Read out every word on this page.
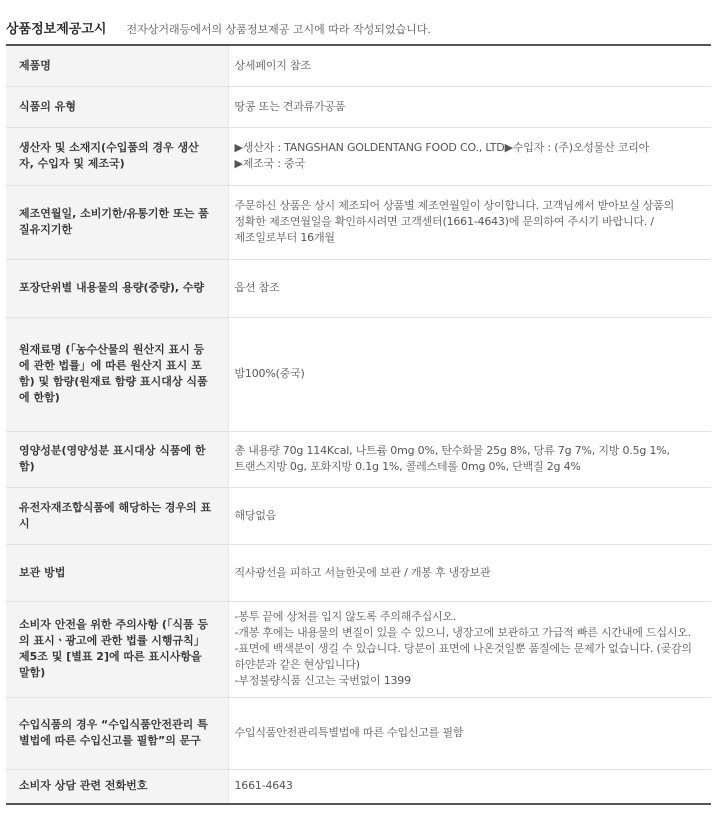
상품정보제공고시 전자상거래등에서의 상품정보제공 고시에 따라 작성되었습니다.
제품명	상세페이지 참조

식품의 유형	땅콩 또는 견과류가공품

생산자 및 소재지(수입품의 경우 생산자, 수입자 및 제조국)	▶생산자 : TANGSHAN GOLDENTANG FOOD CO., LTD▶수입자 : (주)오성물산 코리아
▶제조국 : 중국

제조연월일, 소비기한/유통기한 또는 품질유지기한	주문하신 상품은 상시 제조되어 상품별 제조연월일이 상이합니다. 고객님께서 받아보실 상품의 정확한 제조연월일을 확인하시려면 고객센터(1661-4643)에 문의하여 주시기 바랍니다. / 제조일로부터 16개월

포장단위별 내용물의 용량(중량), 수량	옵션 참조

원재료명 (「농수산물의 원산지 표시 등에 관한 법률」에 따른 원산지 표시 포함) 및 함량(원재료 함량 표시대상 식품에 한함)	밤100%(중국)

영양성분(영양성분 표시대상 식품에 한함)	총 내용량 70g 114Kcal, 나트륨 0mg 0%, 탄수화물 25g 8%, 당류 7g 7%, 지방 0.5g 1%, 트랜스지방 0g, 포화지방 0.1g 1%, 콜레스테롤 0mg 0%, 단백질 2g 4%

유전자재조합식품에 해당하는 경우의 표시	해당없음

보관 방법	직사광선을 피하고 서늘한곳에 보관 / 개봉 후 냉장보관

소비자 안전을 위한 주의사항 (「식품 등의 표시ㆍ광고에 관한 법률 시행규칙」 제5조 및 [별표 2]에 따른 표시사항을 말함)	-봉투 끝에 상처를 입지 않도록 주의해주십시오.
-개봉 후에는 내용물의 변질이 있을 수 있으니, 냉장고에 보관하고 가급적 빠른 시간내에 드십시오.
-표면에 백색분이 생길 수 있습니다. 당분이 표면에 나온것일뿐 품질에는 문제가 없습니다. (곶감의 하얀분과 같은 현상입니다)
-부정불량식품 신고는 국번없이 1399

수입식품의 경우 “수입식품안전관리 특별법에 따른 수입신고를 필함”의 문구	수입식품안전관리특별법에 따른 수입신고를 필함

소비자 상담 관련 전화번호	1661-4643
